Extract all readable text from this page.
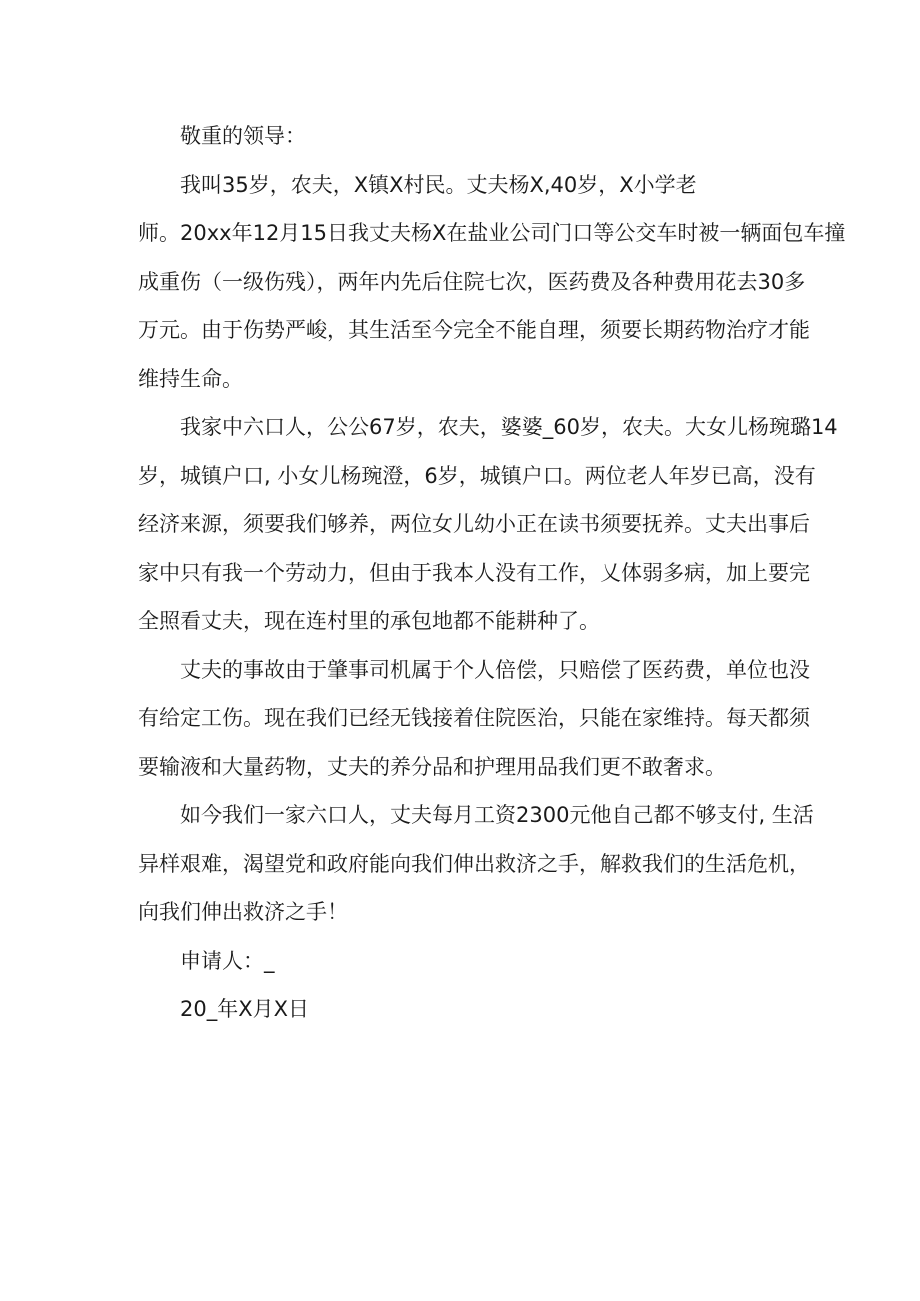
敬重的领导：
我叫35岁，农夫，X镇X村民。丈夫杨X,40岁，X小学老
师。20xx年12月15日我丈夫杨X在盐业公司门口等公交车时被一辆面包车撞
成重伤（一级伤残），两年内先后住院七次，医药费及各种费用花去30多
万元。由于伤势严峻，其生活至今完全不能自理，须要长期药物治疗才能
维持生命。
我家中六口人，公公67岁，农夫，婆婆_60岁，农夫。大女儿杨琬璐14
岁，城镇户口, 小女儿杨琬澄，6岁，城镇户口。两位老人年岁已高，没有
经济来源，须要我们够养，两位女儿幼小正在读书须要抚养。丈夫出事后
家中只有我一个劳动力，但由于我本人没有工作，乂体弱多病，加上要完
全照看丈夫，现在连村里的承包地都不能耕种了。
丈夫的事故由于肇事司机属于个人倍偿，只赔偿了医药费，单位也没
有给定工伤。现在我们已经无钱接着住院医治，只能在家维持。每天都须
要输液和大量药物，丈夫的养分品和护理用品我们更不敢奢求。
如今我们一家六口人，丈夫每月工资2300元他自己都不够支付, 生活
异样艰难，渴望党和政府能向我们伸出救济之手，解救我们的生活危机，
向我们伸出救济之手！
申请人：_
20_年X月X日
